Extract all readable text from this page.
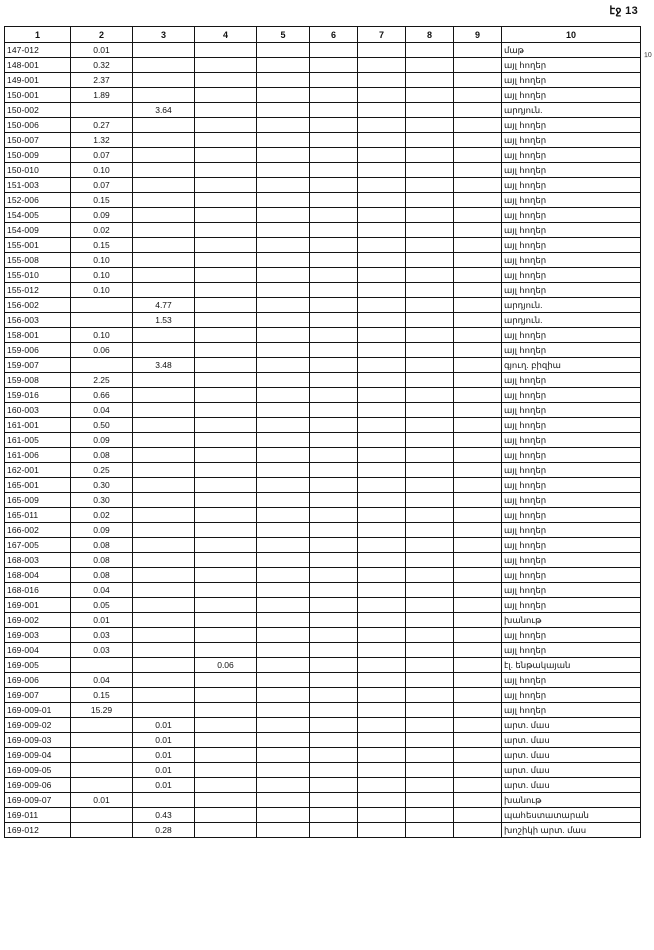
էջ 13
10
1	2	3	4	5	6	7	8	9	10
147-012	0.01								մաթ
148-001	0.32								այլ հողեր
149-001	2.37								այլ հողեր
150-001	1.89								այլ հողեր
150-002		3.64							արդյուն.
150-006	0.27								այլ հողեր
150-007	1.32								այլ հողեր
150-009	0.07								այլ հողեր
150-010	0.10								այլ հողեր
151-003	0.07								այլ հողեր
152-006	0.15								այլ հողեր
154-005	0.09								այլ հողեր
154-009	0.02								այլ հողեր
155-001	0.15								այլ հողեր
155-008	0.10								այլ հողեր
155-010	0.10								այլ հողեր
155-012	0.10								այլ հողեր
156-002		4.77							արդյուն.
156-003		1.53							արդյուն.
158-001	0.10								այլ հողեր
159-006	0.06								այլ հողեր
159-007		3.48							գյուղ. բիզիա
159-008	2.25								այլ հողեր
159-016	0.66								այլ հողեր
160-003	0.04								այլ հողեր
161-001	0.50								այլ հողեր
161-005	0.09								այլ հողեր
161-006	0.08								այլ հողեր
162-001	0.25								այլ հողեր
165-001	0.30								այլ հողեր
165-009	0.30								այլ հողեր
165-011	0.02								այլ հողեր
166-002	0.09								այլ հողեր
167-005	0.08								այլ հողեր
168-003	0.08								այլ հողեր
168-004	0.08								այլ հողեր
168-016	0.04								այլ հողեր
169-001	0.05								այլ հողեր
169-002	0.01								խանութ
169-003	0.03								այլ հողեր
169-004	0.03								այլ հողեր
169-005			0.06						էլ. ենթակայան
169-006	0.04								այլ հողեր
169-007	0.15								այլ հողեր
169-009-01	15.29								այլ հողեր
169-009-02		0.01							արտ. մաս
169-009-03		0.01							արտ. մաս
169-009-04		0.01							արտ. մաս
169-009-05		0.01							արտ. մաս
169-009-06		0.01							արտ. մաս
169-009-07	0.01								խանութ
169-011		0.43							պահեստատարան
169-012		0.28							խոշիկի արտ. մաս
